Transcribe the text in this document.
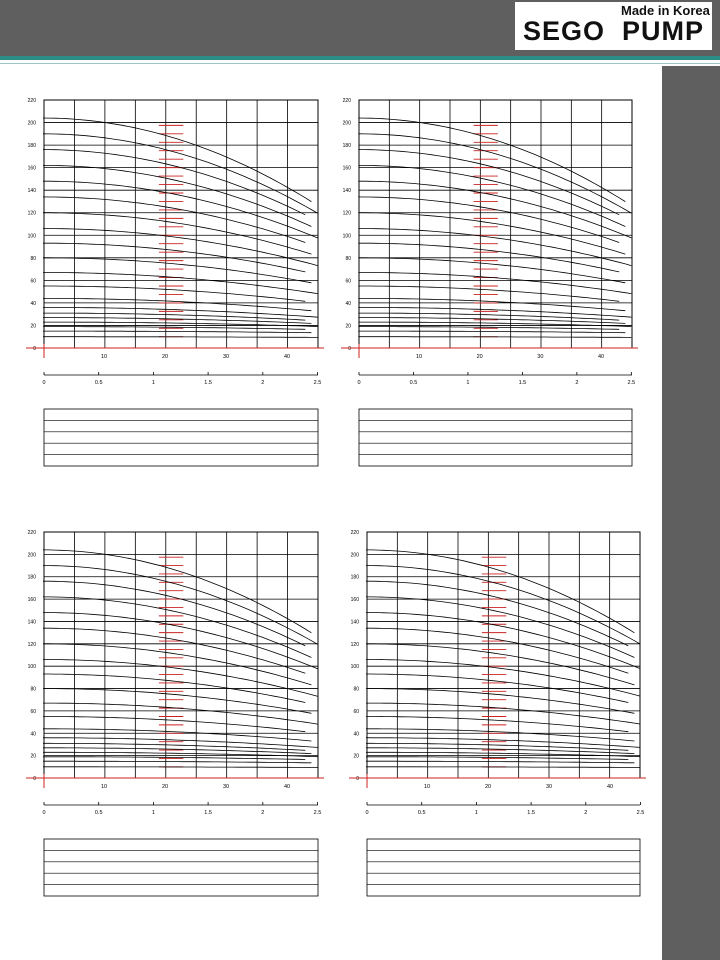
Made in Korea
SEGO PUMP
0
20
40
60
80
100
120
140
160
180
200
220
10	20	30	40
0	0.5	1	1.5	2	2.5
0
20
40
60
80
100
120
140
160
180
200
220
10	20	30	40
0	0.5	1	1.5	2	2.5
0
20
40
60
80
100
120
140
160
180
200
220
10	20	30	40
0	0.5	1	1.5	2	2.5
0
20
40
60
80
100
120
140
160
180
200
220
10	20	30	40
0	0.5	1	1.5	2	2.5
